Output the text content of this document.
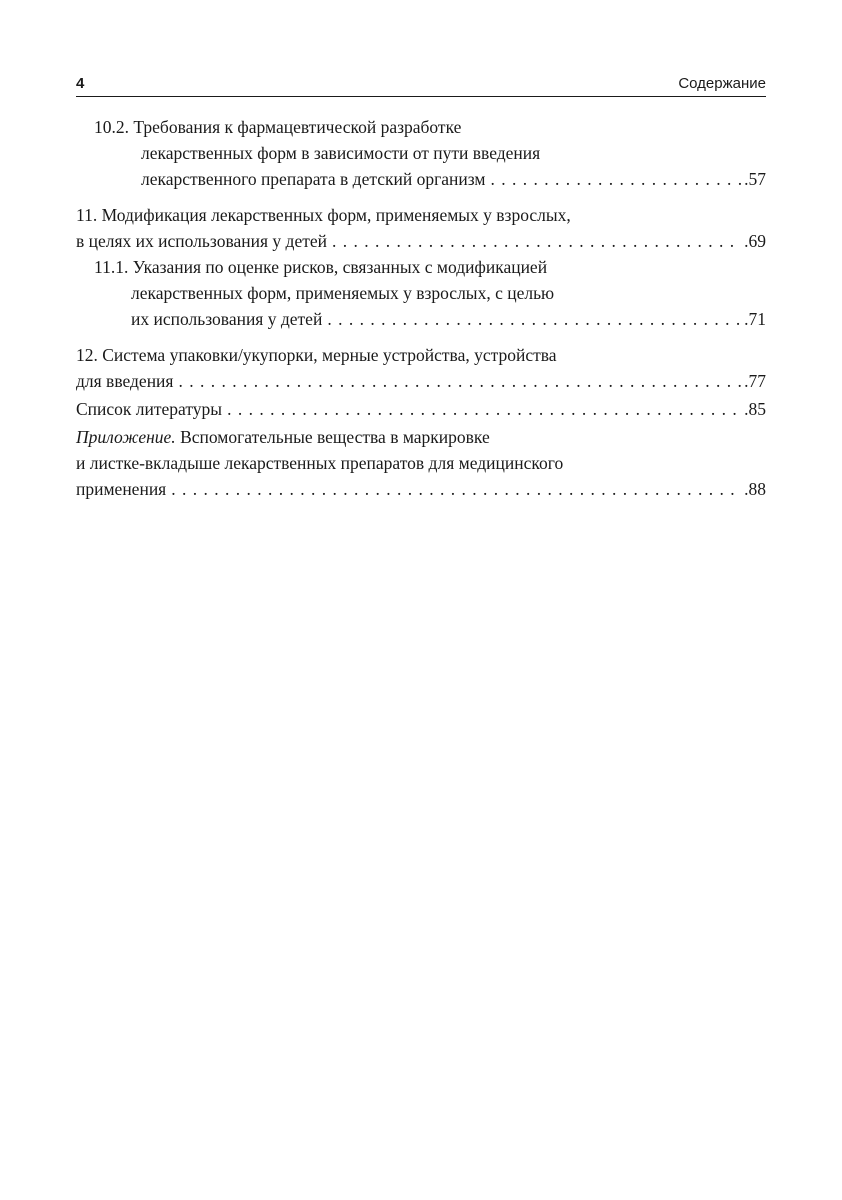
4	Содержание
10.2. Требования к фармацевтической разработке
лекарственных форм в зависимости от пути введения
лекарственного препарата в детский организм . . .	.57
11. Модификация лекарственных форм, применяемых у взрослых,
в целях их использования у детей . . .	.69
11.1. Указания по оценке рисков, связанных с модификацией
лекарственных форм, применяемых у взрослых, с целью
их использования у детей . . .	.71
12. Система упаковки/укупорки, мерные устройства, устройства
для введения . . .	.77
Список литературы . . .	.85
Приложение. Вспомогательные вещества в маркировке
и листке-вкладыше лекарственных препаратов для медицинского
применения . . .	.88
